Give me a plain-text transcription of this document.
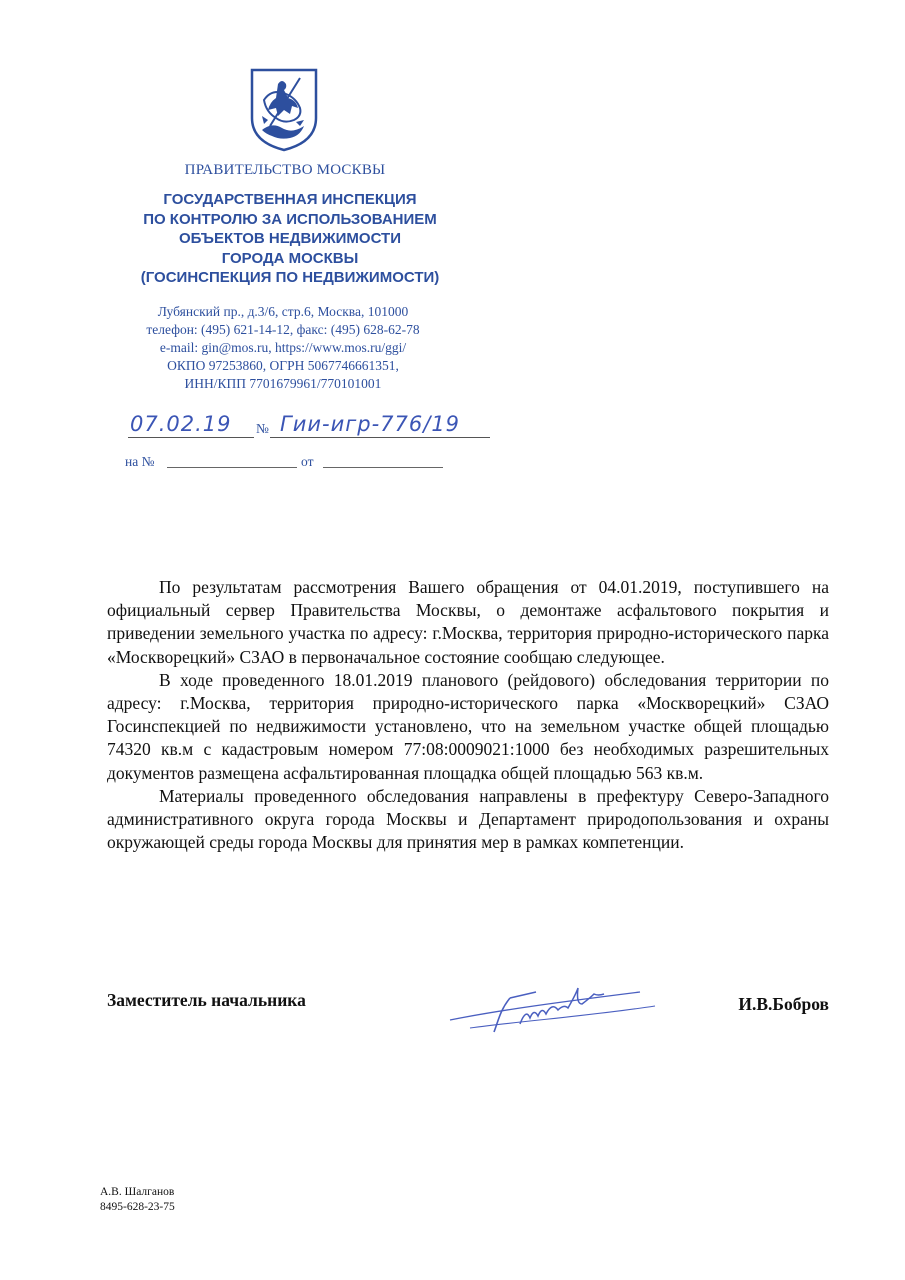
ПРАВИТЕЛЬСТВО МОСКВЫ
ГОСУДАРСТВЕННАЯ ИНСПЕКЦИЯ
ПО КОНТРОЛЮ ЗА ИСПОЛЬЗОВАНИЕМ
ОБЪЕКТОВ НЕДВИЖИМОСТИ
ГОРОДА МОСКВЫ
(ГОСИНСПЕКЦИЯ ПО НЕДВИЖИМОСТИ)
Лубянский пр., д.3/6, стр.6, Москва, 101000
телефон: (495) 621-14-12, факс: (495) 628-62-78
e-mail: gin@mos.ru, https://www.mos.ru/ggi/
ОКПО 97253860, ОГРН 5067746661351,
ИНН/КПП 7701679961/770101001
07.02.19 № Гии-игр-776/19
на №	от

По результатам рассмотрения Вашего обращения от 04.01.2019, поступившего на официальный сервер Правительства Москвы, о демонтаже асфальтового покрытия и приведении земельного участка по адресу: г.Москва, территория природно-исторического парка «Москворецкий» СЗАО в первоначальное состояние сообщаю следующее.

В ходе проведенного 18.01.2019 планового (рейдового) обследования территории по адресу: г.Москва, территория природно-исторического парка «Москворецкий» СЗАО Госинспекцией по недвижимости установлено, что на земельном участке общей площадью 74320 кв.м с кадастровым номером 77:08:0009021:1000 без необходимых разрешительных документов размещена асфальтированная площадка общей площадью 563 кв.м.

Материалы проведенного обследования направлены в префектуру Северо-Западного административного округа города Москвы и Департамент природопользования и охраны окружающей среды города Москвы для принятия мер в рамках компетенции.

Заместитель начальника	И.В.Бобров
А.В. Шалганов
8495-628-23-75
